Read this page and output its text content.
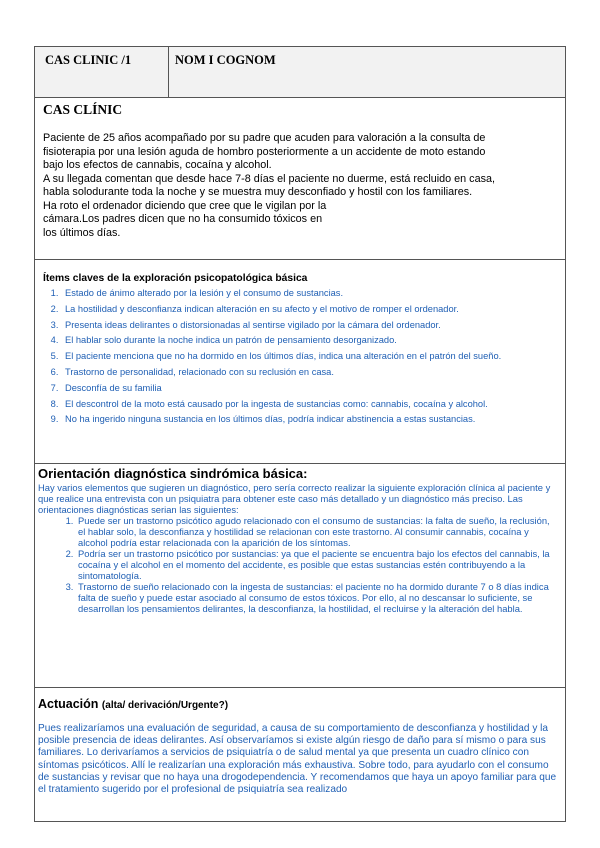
CAS CLINIC /1	NOM I COGNOM
CAS CLÍNIC

Paciente de 25 años acompañado por su padre que acuden para valoración a la consulta de
fisioterapia por una lesión aguda de hombro posteriormente a un accidente de moto estando
bajo los efectos de cannabis, cocaína y alcohol.
A su llegada comentan que desde hace 7-8 días el paciente no duerme, está recluido en casa,
habla solodurante toda la noche y se muestra muy desconfiado y hostil con los familiares.
Ha roto el ordenador diciendo que cree que le vigilan por la
cámara.Los padres dicen que no ha consumido tóxicos en
los últimos días.

Ítems claves de la exploración psicopatológica básica
1. Estado de ánimo alterado por la lesión y el consumo de sustancias.
2. La hostilidad y desconfianza indican alteración en su afecto y el motivo de romper el ordenador.
3. Presenta ideas delirantes o distorsionadas al sentirse vigilado por la cámara del ordenador.
4. El hablar solo durante la noche indica un patrón de pensamiento desorganizado.
5. El paciente menciona que no ha dormido en los últimos días, indica una alteración en el patrón del sueño.
6. Trastorno de personalidad, relacionado con su reclusión en casa.
7. Desconfía de su familia
8. El descontrol de la moto está causado por la ingesta de sustancias como: cannabis, cocaína y alcohol.
9. No ha ingerido ninguna sustancia en los últimos días, podría indicar abstinencia a estas sustancias.
Orientación diagnóstica sindrómica básica:

Hay varios elementos que sugieren un diagnóstico, pero sería correcto realizar la siguiente exploración clínica al paciente y que realice una entrevista con un psiquiatra para obtener este caso más detallado y un diagnóstico más preciso. Las orientaciones diagnósticas serian las siguientes:

1. Puede ser un trastorno psicótico agudo relacionado con el consumo de sustancias: la falta de sueño, la reclusión, el hablar solo, la desconfianza y hostilidad se relacionan con este trastorno. Al consumir cannabis, cocaína y alcohol podría estar relacionada con la aparición de los síntomas.
2. Podría ser un trastorno psicótico por sustancias: ya que el paciente se encuentra bajo los efectos del cannabis, la cocaína y el alcohol en el momento del accidente, es posible que estas sustancias estén contribuyendo a la sintomatología.
3. Trastorno de sueño relacionado con la ingesta de sustancias: el paciente no ha dormido durante 7 o 8 días indica falta de sueño y puede estar asociado al consumo de estos tóxicos. Por ello, al no descansar lo suficiente, se desarrollan los pensamientos delirantes, la desconfianza, la hostilidad, el recluirse y la alteración del habla.
Actuación (alta/ derivación/Urgente?)

Pues realizaríamos una evaluación de seguridad, a causa de su comportamiento de desconfianza y hostilidad y la posible presencia de ideas delirantes. Así observaríamos si existe algún riesgo de daño para sí mismo o para sus familiares. Lo derivaríamos a servicios de psiquiatría o de salud mental ya que presenta un cuadro clínico con síntomas psicóticos. Allí le realizarían una exploración más exhaustiva. Sobre todo, para ayudarlo con el consumo de sustancias y revisar que no haya una drogodependencia. Y recomendamos que haya un apoyo familiar para que el tratamiento sugerido por el profesional de psiquiatría sea realizado
